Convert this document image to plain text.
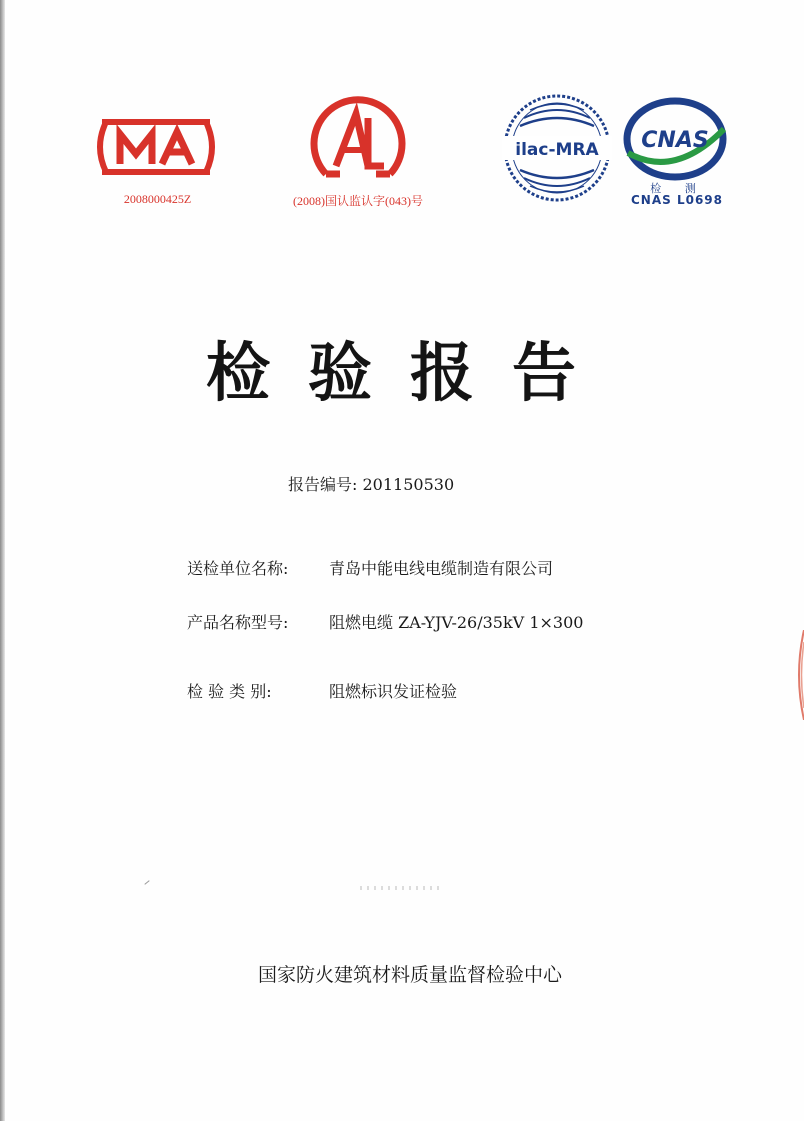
2008000425Z	(2008)国认监认字(043)号
ilac-MRA CNAS
检 测
CNAS L0698
检验报告
报告编号: 201150530
送检单位名称:	青岛中能电线电缆制造有限公司
产品名称型号:	阻燃电缆 ZA-YJV-26/35kV 1×300
检 验 类 别:	阻燃标识发证检验
国家防火建筑材料质量监督检验中心
